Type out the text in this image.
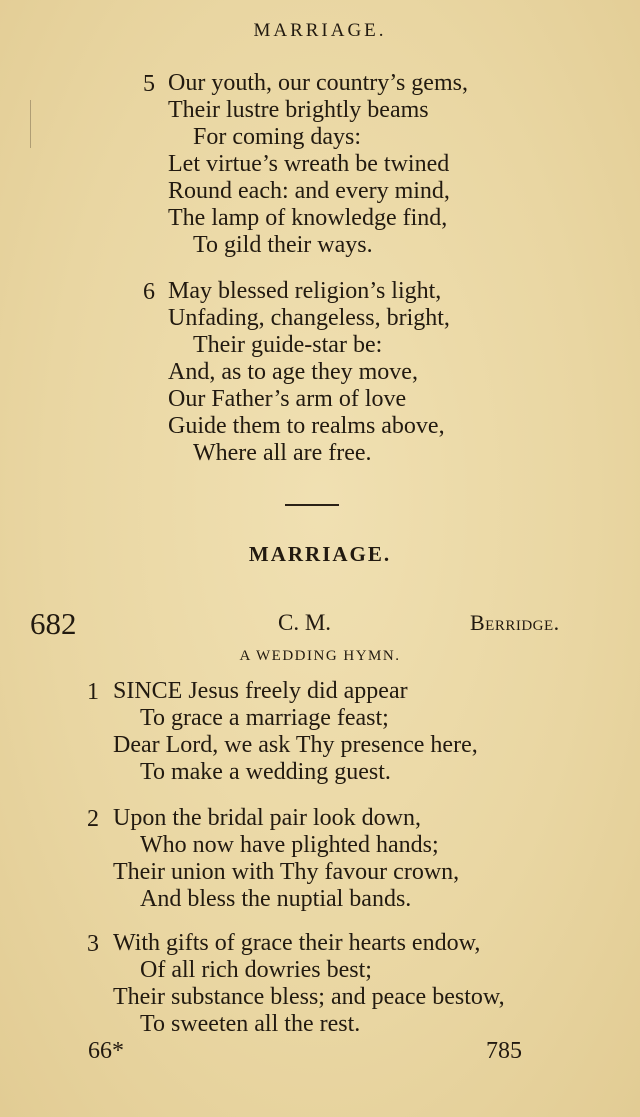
MARRIAGE.
5 Our youth, our country’s gems,
Their lustre brightly beams
For coming days:
Let virtue’s wreath be twined
Round each: and every mind,
The lamp of knowledge find,
To gild their ways.
6 May blessed religion’s light,
Unfading, changeless, bright,
Their guide-star be:
And, as to age they move,
Our Father’s arm of love
Guide them to realms above,
Where all are free.
MARRIAGE.
682	C. M.	Berridge.
A WEDDING HYMN.
1 SINCE Jesus freely did appear
To grace a marriage feast;
Dear Lord, we ask Thy presence here,
To make a wedding guest.
2 Upon the bridal pair look down,
Who now have plighted hands;
Their union with Thy favour crown,
And bless the nuptial bands.
3 With gifts of grace their hearts endow,
Of all rich dowries best;
Their substance bless; and peace bestow,
To sweeten all the rest.
66*	785
